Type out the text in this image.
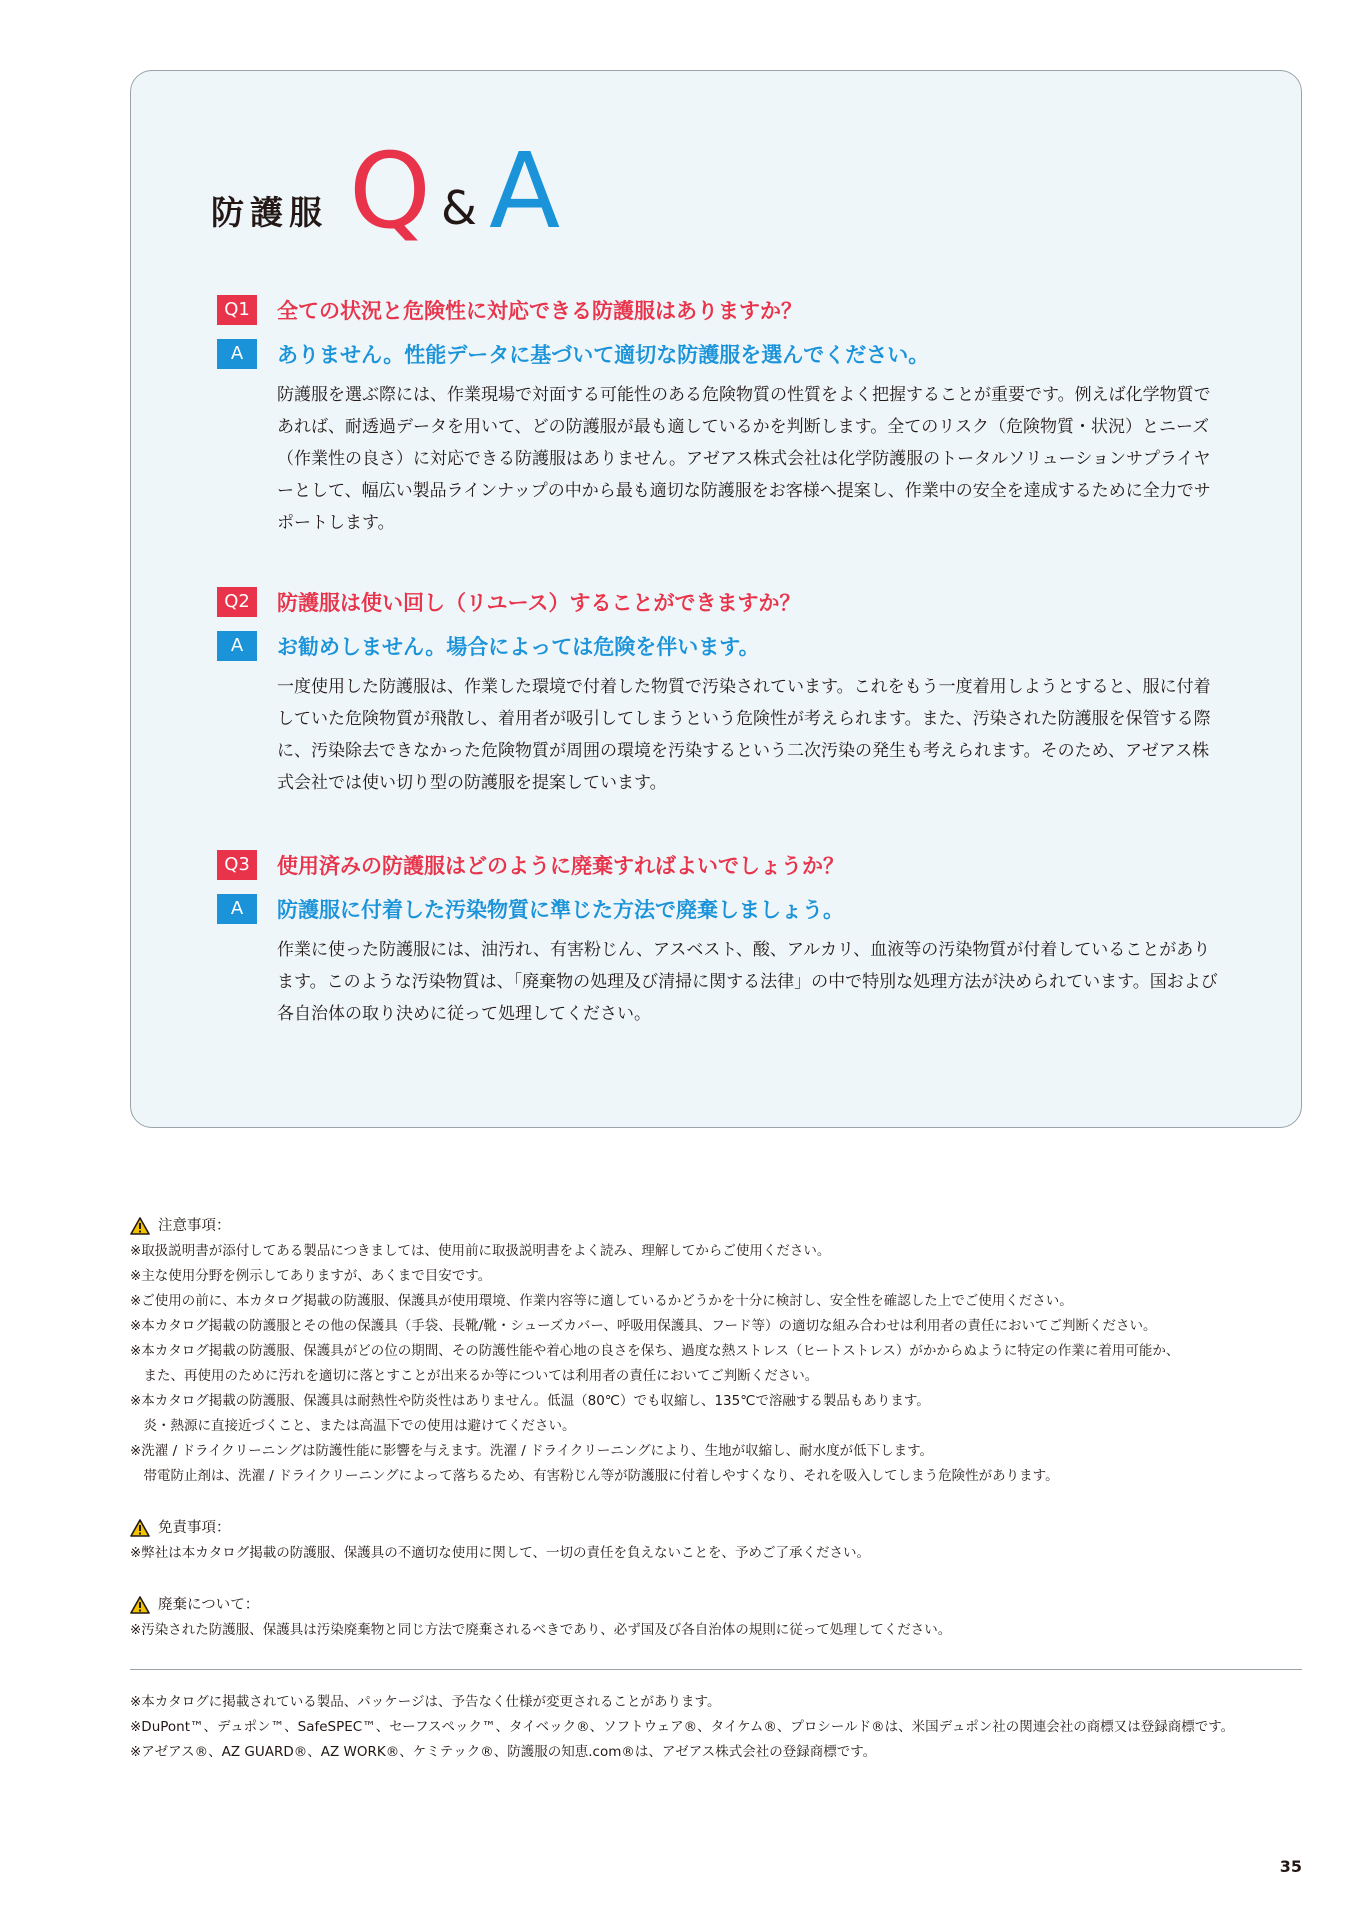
防護服 Q & A
Q1	全ての状況と危険性に対応できる防護服はありますか？
A	ありません。性能データに基づいて適切な防護服を選んでください。
防護服を選ぶ際には、作業現場で対面する可能性のある危険物質の性質をよく把握することが重要です。例えば化学物質であれば、耐透過データを用いて、どの防護服が最も適しているかを判断します。全てのリスク（危険物質・状況）とニーズ（作業性の良さ）に対応できる防護服はありません。アゼアス株式会社は化学防護服のトータルソリューションサプライヤーとして、幅広い製品ラインナップの中から最も適切な防護服をお客様へ提案し、作業中の安全を達成するために全力でサポートします。
Q2	防護服は使い回し（リユース）することができますか？
A	お勧めしません。場合によっては危険を伴います。
一度使用した防護服は、作業した環境で付着した物質で汚染されています。これをもう一度着用しようとすると、服に付着していた危険物質が飛散し、着用者が吸引してしまうという危険性が考えられます。また、汚染された防護服を保管する際に、汚染除去できなかった危険物質が周囲の環境を汚染するという二次汚染の発生も考えられます。そのため、アゼアス株式会社では使い切り型の防護服を提案しています。
Q3	使用済みの防護服はどのように廃棄すればよいでしょうか？
A	防護服に付着した汚染物質に準じた方法で廃棄しましょう。
作業に使った防護服には、油汚れ、有害粉じん、アスベスト、酸、アルカリ、血液等の汚染物質が付着していることがあります。このような汚染物質は、「廃棄物の処理及び清掃に関する法律」の中で特別な処理方法が決められています。国および各自治体の取り決めに従って処理してください。
注意事項：
※取扱説明書が添付してある製品につきましては、使用前に取扱説明書をよく読み、理解してからご使用ください。
※主な使用分野を例示してありますが、あくまで目安です。
※ご使用の前に、本カタログ掲載の防護服、保護具が使用環境、作業内容等に適しているかどうかを十分に検討し、安全性を確認した上でご使用ください。
※本カタログ掲載の防護服とその他の保護具（手袋、長靴/靴・シューズカバー、呼吸用保護具、フード等）の適切な組み合わせは利用者の責任においてご判断ください。
※本カタログ掲載の防護服、保護具がどの位の期間、その防護性能や着心地の良さを保ち、過度な熱ストレス（ヒートストレス）がかからぬように特定の作業に着用可能か、
　また、再使用のために汚れを適切に落とすことが出来るか等については利用者の責任においてご判断ください。
※本カタログ掲載の防護服、保護具は耐熱性や防炎性はありません。低温（80℃）でも収縮し、135℃で溶融する製品もあります。
　炎・熱源に直接近づくこと、または高温下での使用は避けてください。
※洗濯 / ドライクリーニングは防護性能に影響を与えます。洗濯 / ドライクリーニングにより、生地が収縮し、耐水度が低下します。
　帯電防止剤は、洗濯 / ドライクリーニングによって落ちるため、有害粉じん等が防護服に付着しやすくなり、それを吸入してしまう危険性があります。
免責事項：
※弊社は本カタログ掲載の防護服、保護具の不適切な使用に関して、一切の責任を負えないことを、予めご了承ください。
廃棄について：
※汚染された防護服、保護具は汚染廃棄物と同じ方法で廃棄されるべきであり、必ず国及び各自治体の規則に従って処理してください。
※本カタログに掲載されている製品、パッケージは、予告なく仕様が変更されることがあります。
※DuPont™、デュポン™、SafeSPEC™、セーフスペック™、タイベック®、ソフトウェア®、タイケム®、プロシールド®は、米国デュポン社の関連会社の商標又は登録商標です。
※アゼアス®、AZ GUARD®、AZ WORK®、ケミテック®、防護服の知恵.com®は、アゼアス株式会社の登録商標です。
35
